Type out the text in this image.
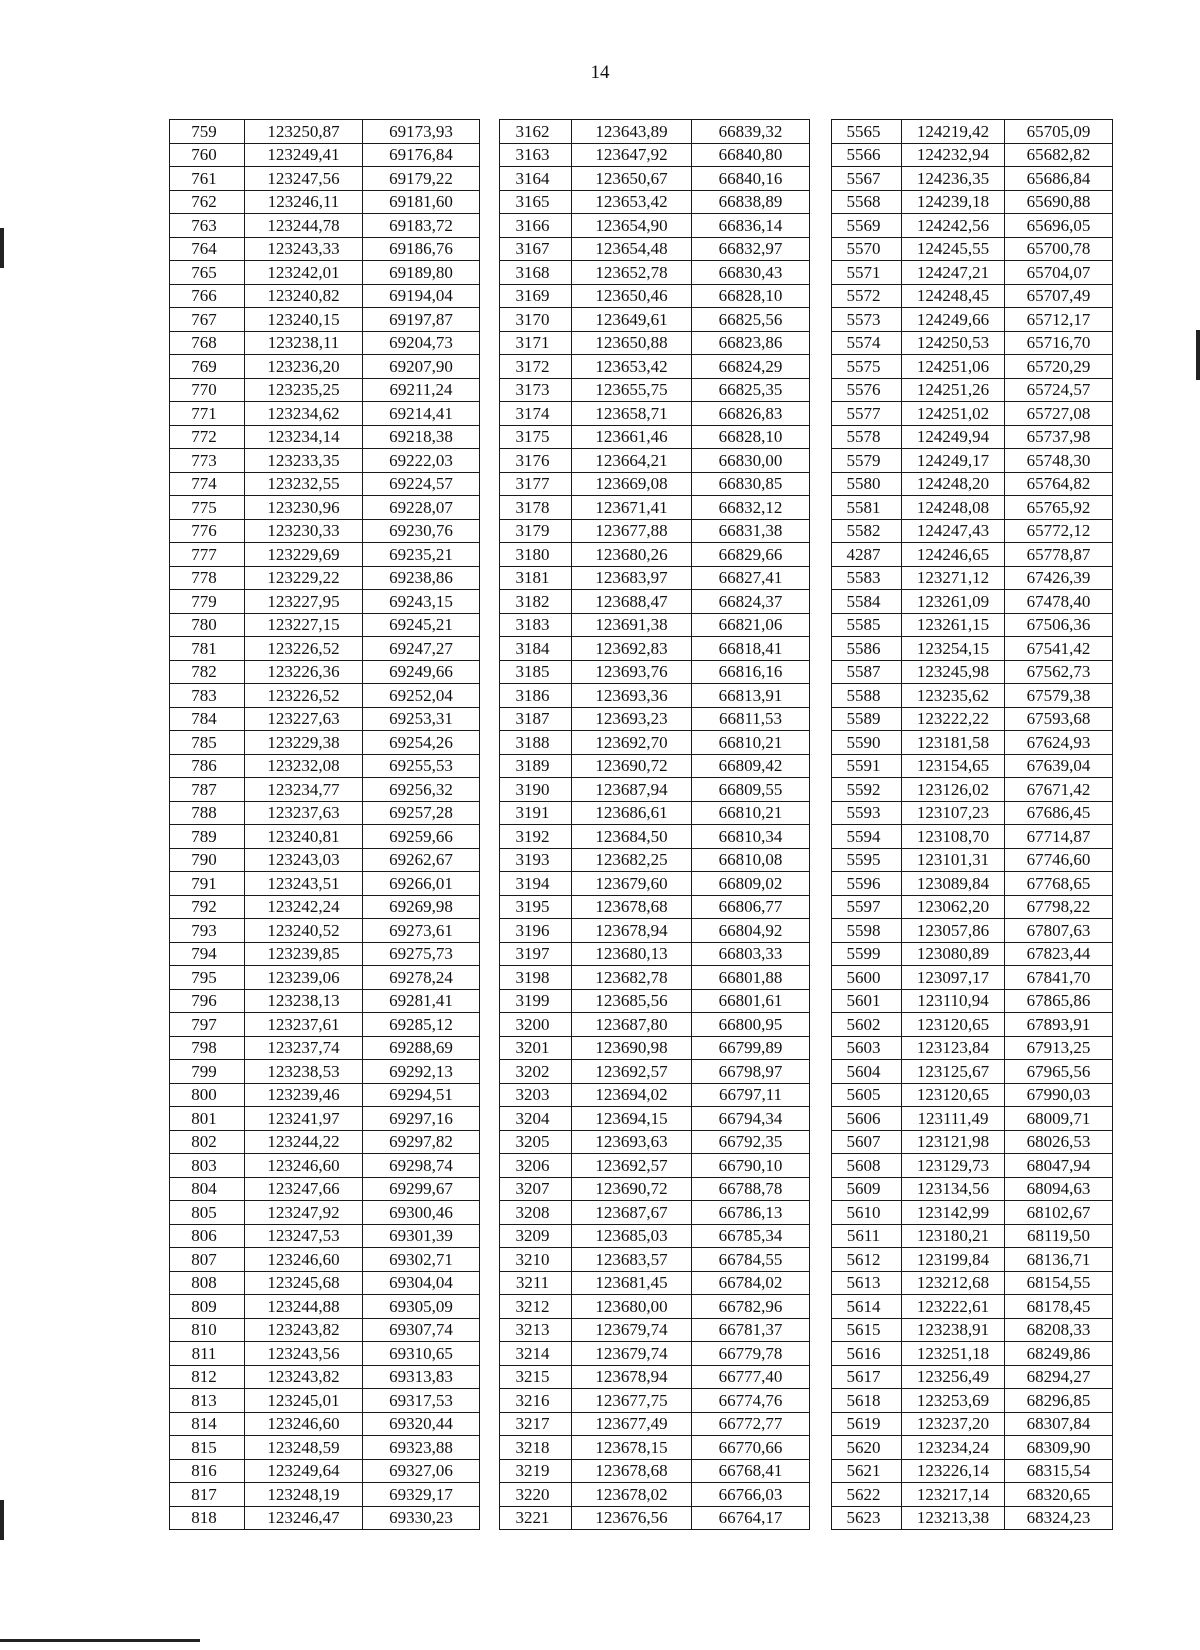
14
759	123250,87	69173,93		3162	123643,89	66839,32		5565	124219,42	65705,09
760	123249,41	69176,84		3163	123647,92	66840,80		5566	124232,94	65682,82
761	123247,56	69179,22		3164	123650,67	66840,16		5567	124236,35	65686,84
762	123246,11	69181,60		3165	123653,42	66838,89		5568	124239,18	65690,88
763	123244,78	69183,72		3166	123654,90	66836,14		5569	124242,56	65696,05
764	123243,33	69186,76		3167	123654,48	66832,97		5570	124245,55	65700,78
765	123242,01	69189,80		3168	123652,78	66830,43		5571	124247,21	65704,07
766	123240,82	69194,04		3169	123650,46	66828,10		5572	124248,45	65707,49
767	123240,15	69197,87		3170	123649,61	66825,56		5573	124249,66	65712,17
768	123238,11	69204,73		3171	123650,88	66823,86		5574	124250,53	65716,70
769	123236,20	69207,90		3172	123653,42	66824,29		5575	124251,06	65720,29
770	123235,25	69211,24		3173	123655,75	66825,35		5576	124251,26	65724,57
771	123234,62	69214,41		3174	123658,71	66826,83		5577	124251,02	65727,08
772	123234,14	69218,38		3175	123661,46	66828,10		5578	124249,94	65737,98
773	123233,35	69222,03		3176	123664,21	66830,00		5579	124249,17	65748,30
774	123232,55	69224,57		3177	123669,08	66830,85		5580	124248,20	65764,82
775	123230,96	69228,07		3178	123671,41	66832,12		5581	124248,08	65765,92
776	123230,33	69230,76		3179	123677,88	66831,38		5582	124247,43	65772,12
777	123229,69	69235,21		3180	123680,26	66829,66		4287	124246,65	65778,87
778	123229,22	69238,86		3181	123683,97	66827,41		5583	123271,12	67426,39
779	123227,95	69243,15		3182	123688,47	66824,37		5584	123261,09	67478,40
780	123227,15	69245,21		3183	123691,38	66821,06		5585	123261,15	67506,36
781	123226,52	69247,27		3184	123692,83	66818,41		5586	123254,15	67541,42
782	123226,36	69249,66		3185	123693,76	66816,16		5587	123245,98	67562,73
783	123226,52	69252,04		3186	123693,36	66813,91		5588	123235,62	67579,38
784	123227,63	69253,31		3187	123693,23	66811,53		5589	123222,22	67593,68
785	123229,38	69254,26		3188	123692,70	66810,21		5590	123181,58	67624,93
786	123232,08	69255,53		3189	123690,72	66809,42		5591	123154,65	67639,04
787	123234,77	69256,32		3190	123687,94	66809,55		5592	123126,02	67671,42
788	123237,63	69257,28		3191	123686,61	66810,21		5593	123107,23	67686,45
789	123240,81	69259,66		3192	123684,50	66810,34		5594	123108,70	67714,87
790	123243,03	69262,67		3193	123682,25	66810,08		5595	123101,31	67746,60
791	123243,51	69266,01		3194	123679,60	66809,02		5596	123089,84	67768,65
792	123242,24	69269,98		3195	123678,68	66806,77		5597	123062,20	67798,22
793	123240,52	69273,61		3196	123678,94	66804,92		5598	123057,86	67807,63
794	123239,85	69275,73		3197	123680,13	66803,33		5599	123080,89	67823,44
795	123239,06	69278,24		3198	123682,78	66801,88		5600	123097,17	67841,70
796	123238,13	69281,41		3199	123685,56	66801,61		5601	123110,94	67865,86
797	123237,61	69285,12		3200	123687,80	66800,95		5602	123120,65	67893,91
798	123237,74	69288,69		3201	123690,98	66799,89		5603	123123,84	67913,25
799	123238,53	69292,13		3202	123692,57	66798,97		5604	123125,67	67965,56
800	123239,46	69294,51		3203	123694,02	66797,11		5605	123120,65	67990,03
801	123241,97	69297,16		3204	123694,15	66794,34		5606	123111,49	68009,71
802	123244,22	69297,82		3205	123693,63	66792,35		5607	123121,98	68026,53
803	123246,60	69298,74		3206	123692,57	66790,10		5608	123129,73	68047,94
804	123247,66	69299,67		3207	123690,72	66788,78		5609	123134,56	68094,63
805	123247,92	69300,46		3208	123687,67	66786,13		5610	123142,99	68102,67
806	123247,53	69301,39		3209	123685,03	66785,34		5611	123180,21	68119,50
807	123246,60	69302,71		3210	123683,57	66784,55		5612	123199,84	68136,71
808	123245,68	69304,04		3211	123681,45	66784,02		5613	123212,68	68154,55
809	123244,88	69305,09		3212	123680,00	66782,96		5614	123222,61	68178,45
810	123243,82	69307,74		3213	123679,74	66781,37		5615	123238,91	68208,33
811	123243,56	69310,65		3214	123679,74	66779,78		5616	123251,18	68249,86
812	123243,82	69313,83		3215	123678,94	66777,40		5617	123256,49	68294,27
813	123245,01	69317,53		3216	123677,75	66774,76		5618	123253,69	68296,85
814	123246,60	69320,44		3217	123677,49	66772,77		5619	123237,20	68307,84
815	123248,59	69323,88		3218	123678,15	66770,66		5620	123234,24	68309,90
816	123249,64	69327,06		3219	123678,68	66768,41		5621	123226,14	68315,54
817	123248,19	69329,17		3220	123678,02	66766,03		5622	123217,14	68320,65
818	123246,47	69330,23		3221	123676,56	66764,17		5623	123213,38	68324,23
